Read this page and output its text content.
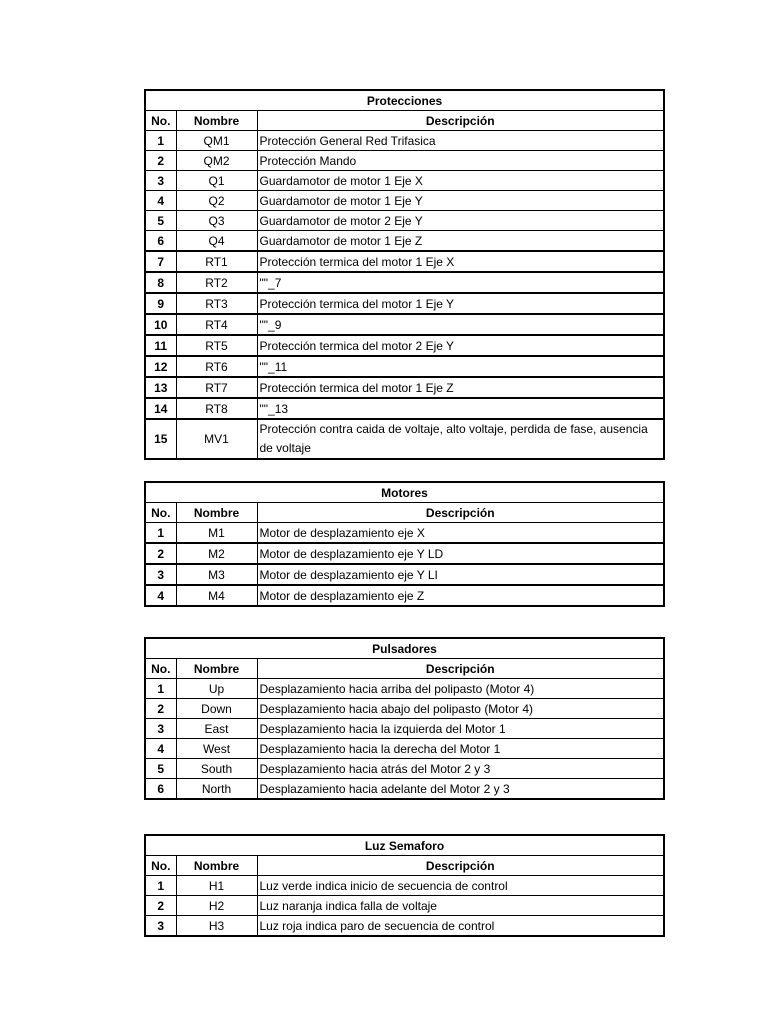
Protecciones		
No.	Nombre	Descripción
1	QM1	Protección General Red Trifasica
2	QM2	Protección Mando
3	Q1	Guardamotor de motor 1 Eje X
4	Q2	Guardamotor de motor 1 Eje Y
5	Q3	Guardamotor de motor 2 Eje Y
6	Q4	Guardamotor de motor 1 Eje Z
7	RT1	Protección termica del motor 1 Eje X
8	RT2	""_7
9	RT3	Protección termica del motor 1 Eje Y
10	RT4	""_9
11	RT5	Protección termica del motor 2 Eje Y
12	RT6	""_11
13	RT7	Protección termica del motor 1 Eje Z
14	RT8	""_13
15	MV1	Protección contra caida de voltaje, alto voltaje, perdida de fase, ausencia de voltaje
Motores		
No.	Nombre	Descripción
1	M1	Motor de desplazamiento eje X
2	M2	Motor de desplazamiento eje Y LD
3	M3	Motor de desplazamiento eje Y LI
4	M4	Motor de desplazamiento eje Z
Pulsadores		
No.	Nombre	Descripción
1	Up	Desplazamiento hacia arriba del polipasto (Motor 4)
2	Down	Desplazamiento hacia abajo del polipasto (Motor 4)
3	East	Desplazamiento hacia la izquierda del Motor 1
4	West	Desplazamiento hacia la derecha del Motor 1
5	South	Desplazamiento hacia atrás del Motor 2 y 3
6	North	Desplazamiento hacia adelante del Motor 2 y 3
Luz Semaforo		
No.	Nombre	Descripción
1	H1	Luz verde indica inicio de secuencia de control
2	H2	Luz naranja indica falla de voltaje
3	H3	Luz roja indica paro de secuencia de control
